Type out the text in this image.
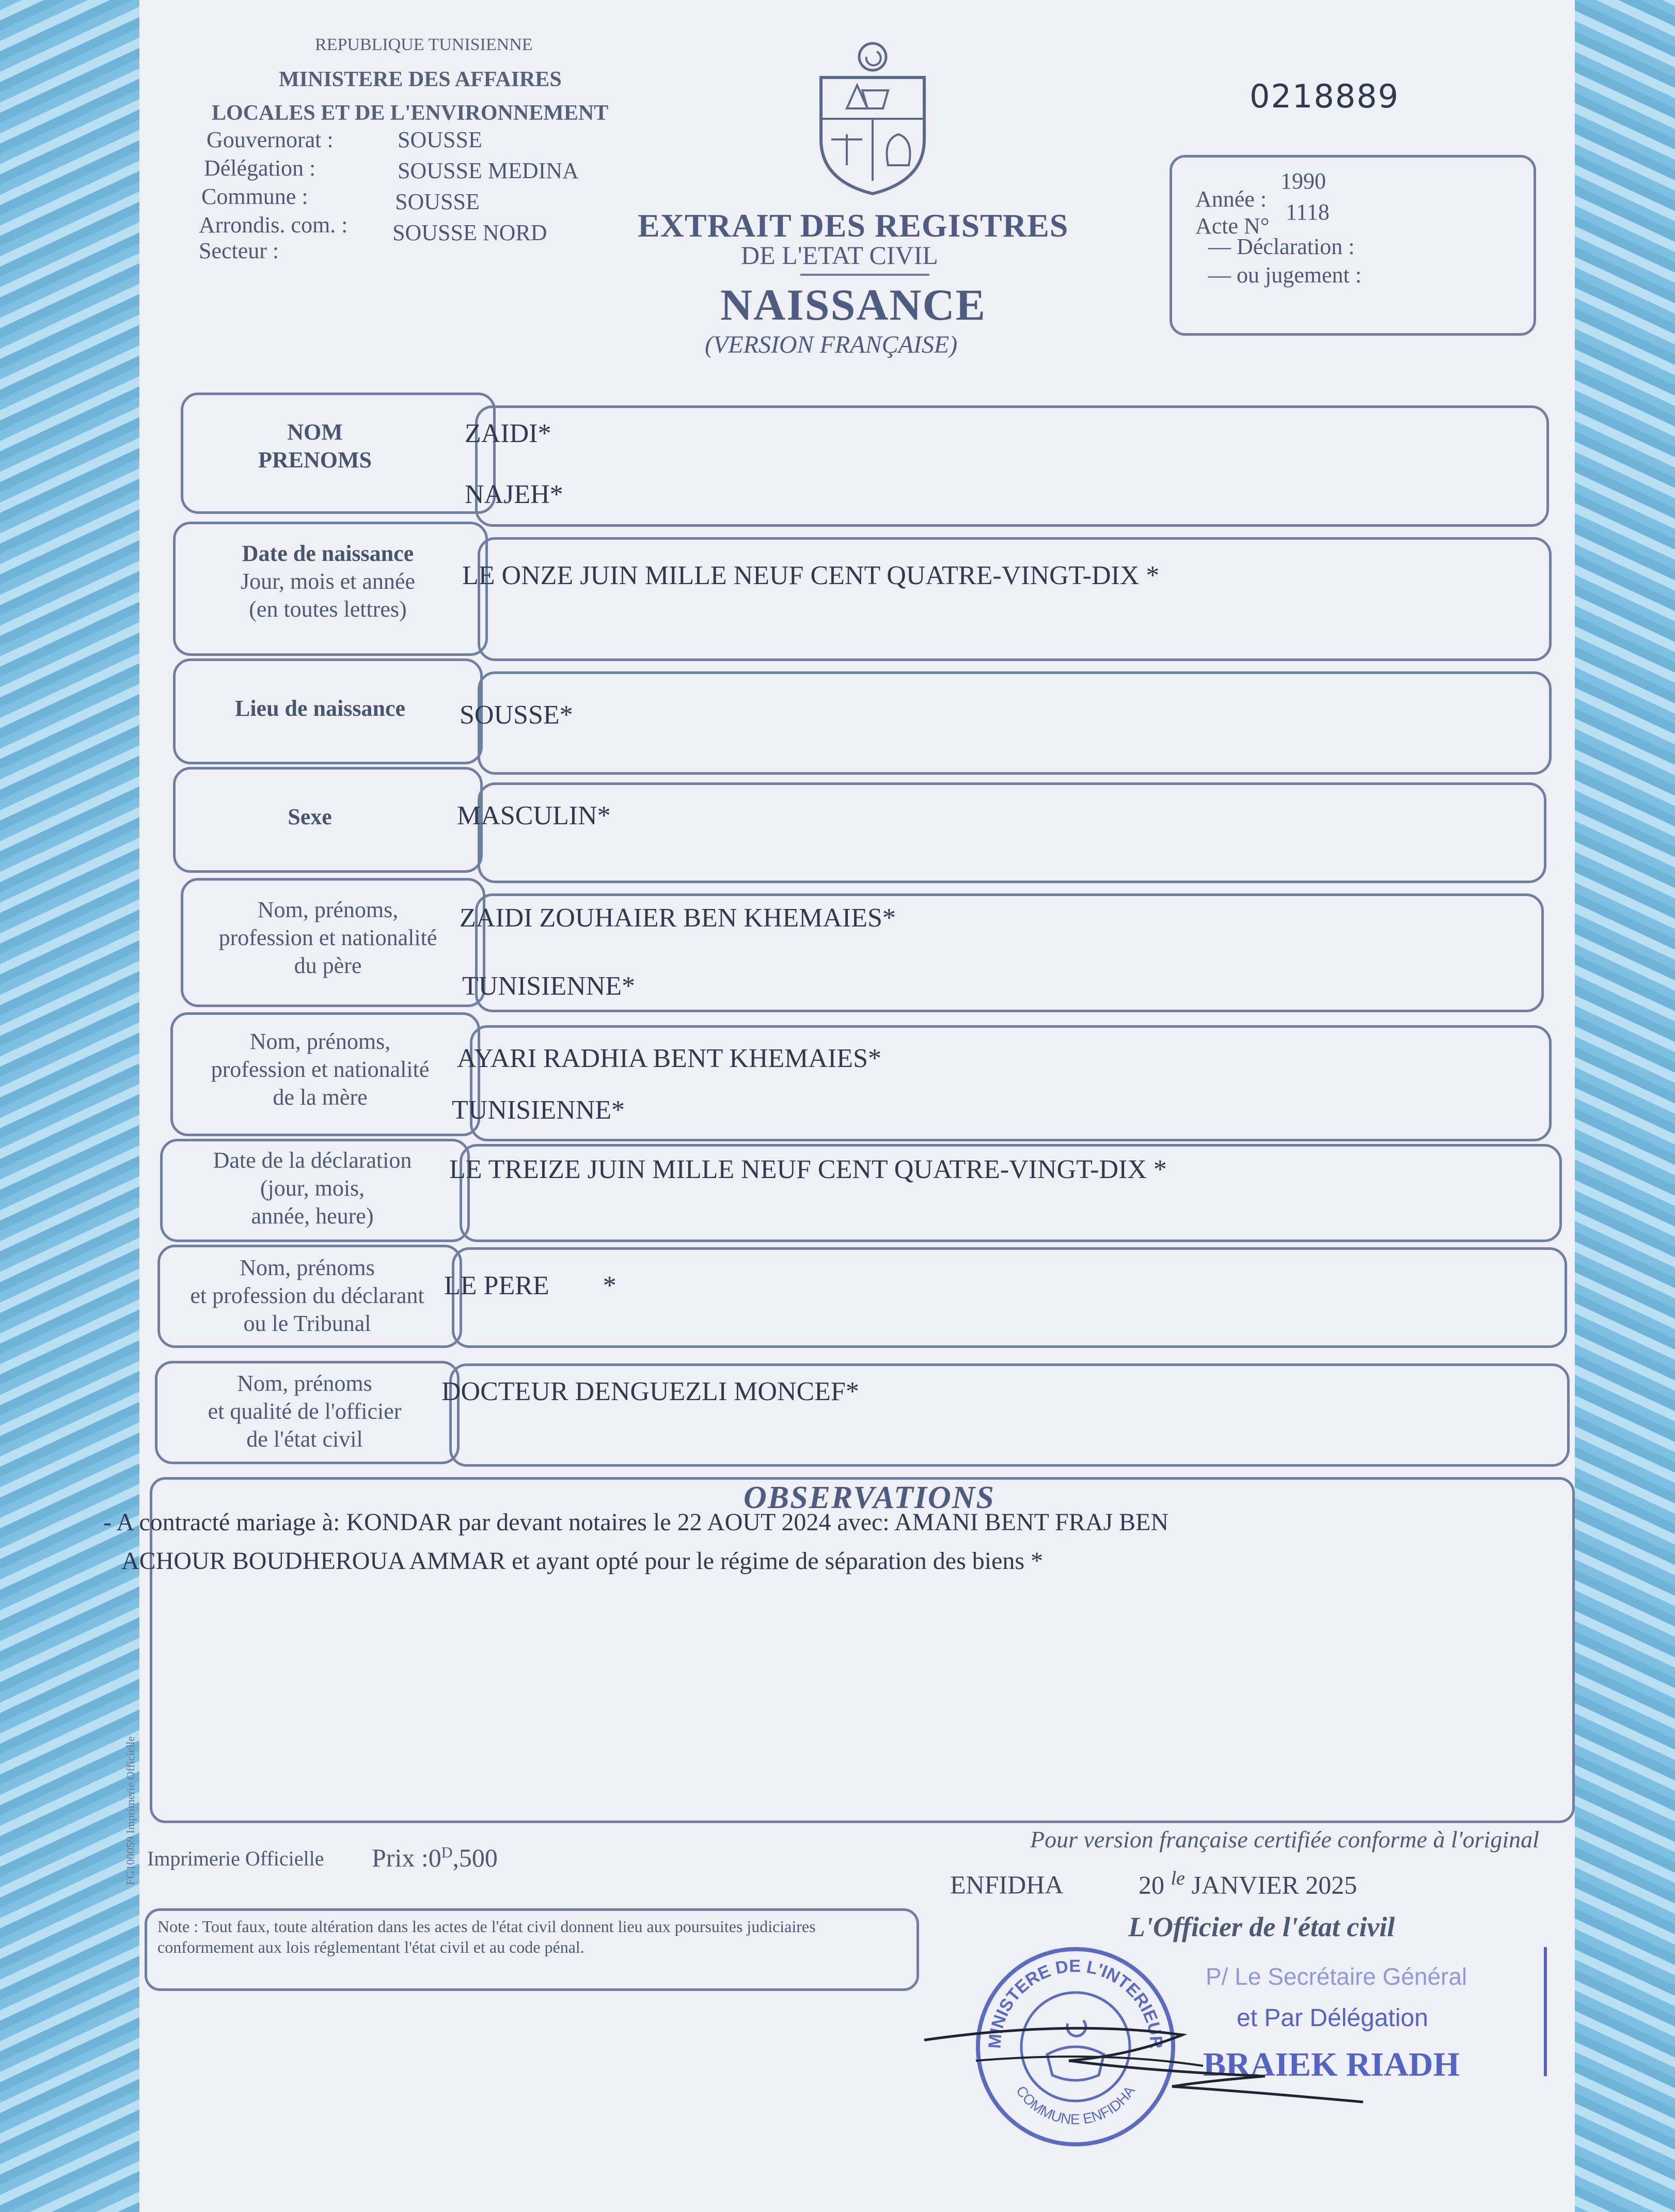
REPUBLIQUE TUNISIENNE
MINISTERE DES AFFAIRES
LOCALES ET DE L'ENVIRONNEMENT
Gouvernorat :	SOUSSE
Délégation :	SOUSSE MEDINA
Commune :	SOUSSE
Arrondis. com. : SOUSSE NORD
Secteur :
0218889
EXTRAIT DES REGISTRES
DE L'ETAT CIVIL
NAISSANCE
(VERSION FRANÇAISE)
Année :
1990
Acte N°
1118
— Déclaration :
— ou jugement :
NOM
PRENOMS
ZAIDI*
NAJEH*
Date de naissance
Jour, mois et année
(en toutes lettres)
LE ONZE JUIN MILLE NEUF CENT QUATRE-VINGT-DIX *
Lieu de naissance	SOUSSE*
Sexe	MASCULIN*
Nom, prénoms,
profession et nationalité
du père
ZAIDI ZOUHAIER BEN KHEMAIES*
TUNISIENNE*
Nom, prénoms,
profession et nationalité
de la mère
AYARI RADHIA BENT KHEMAIES*
TUNISIENNE*
Date de la déclaration
(jour, mois,
année, heure)
LE TREIZE JUIN MILLE NEUF CENT QUATRE-VINGT-DIX *
Nom, prénoms
et profession du déclarant
ou le Tribunal
LE PERE        *
Nom, prénoms
et qualité de l'officier
de l'état civil
DOCTEUR DENGUEZLI MONCEF*
OBSERVATIONS
- A contracté mariage à: KONDAR par devant notaires le 22 AOUT 2024 avec: AMANI BENT FRAJ BEN
ACHOUR BOUDHEROUA AMMAR et ayant opté pour le régime de séparation des biens *
FG100059 Imprimerie Officielle Imprimerie Officielle Prix $:0^D,500$
Pour version française certifiée conforme à l'original
ENFIDHA	20 $^{le}$ JANVIER 2025
L'Officier de l'état civil
Note : Tout faux, toute altération dans les actes de l'état civil donnent lieu aux poursuites judiciaires conformement aux lois réglementant l'état civil et au code pénal.
MINISTERE DE L'INTERIEUR
COMMUNE ENFIDHA
P/ Le Secrétaire Général
et Par Délégation
BRAIEK RIADH
